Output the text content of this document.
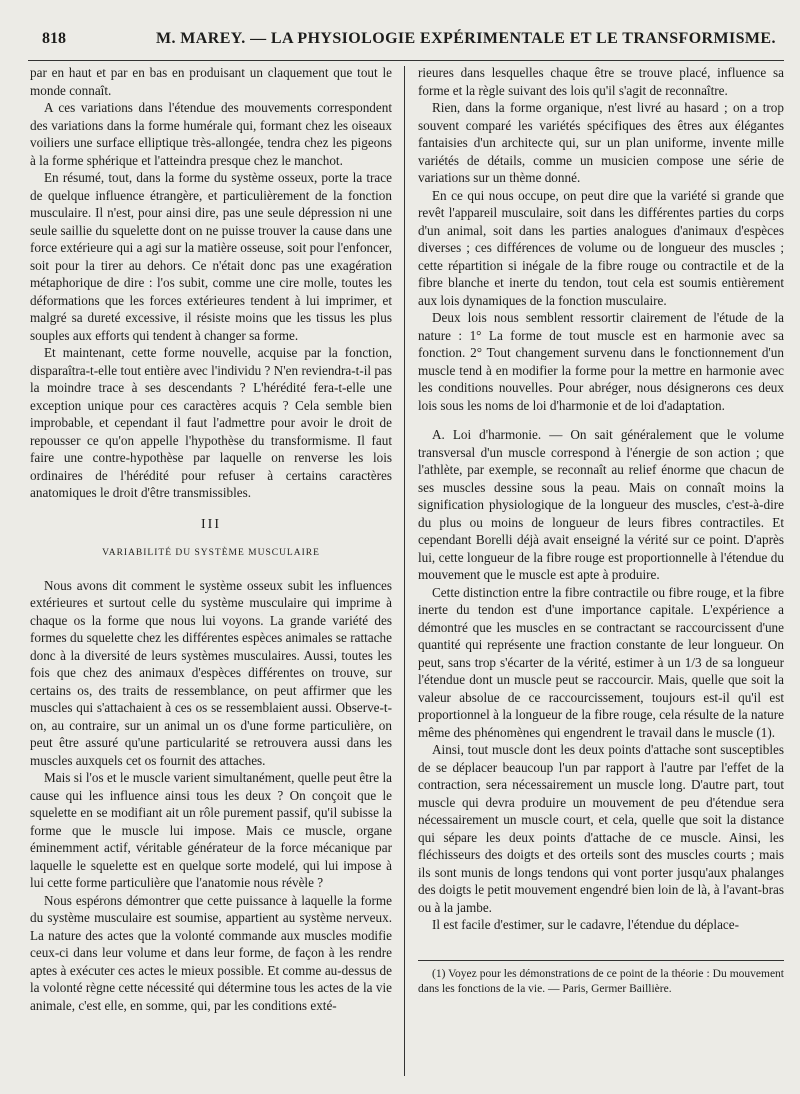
818	M. MAREY. — LA PHYSIOLOGIE EXPÉRIMENTALE ET LE TRANSFORMISME.

par en haut et par en bas en produisant un claquement que tout le monde connaît.

A ces variations dans l'étendue des mouvements correspondent des variations dans la forme humérale qui, formant chez les oiseaux voiliers une surface elliptique très-allongée, tendra chez les pigeons à la forme sphérique et l'atteindra presque chez le manchot.

En résumé, tout, dans la forme du système osseux, porte la trace de quelque influence étrangère, et particulièrement de la fonction musculaire. Il n'est, pour ainsi dire, pas une seule dépression ni une seule saillie du squelette dont on ne puisse trouver la cause dans une force extérieure qui a agi sur la matière osseuse, soit pour l'enfoncer, soit pour la tirer au dehors. Ce n'était donc pas une exagération métaphorique de dire : l'os subit, comme une cire molle, toutes les déformations que les forces extérieures tendent à lui imprimer, et malgré sa dureté excessive, il résiste moins que les tissus les plus souples aux efforts qui tendent à changer sa forme.

Et maintenant, cette forme nouvelle, acquise par la fonction, disparaîtra-t-elle tout entière avec l'individu ? N'en reviendra-t-il pas la moindre trace à ses descendants ? L'hérédité fera-t-elle une exception unique pour ces caractères acquis ? Cela semble bien improbable, et cependant il faut l'admettre pour avoir le droit de repousser ce qu'on appelle l'hypothèse du transformisme. Il faut faire une contre-hypothèse par laquelle on renverse les lois ordinaires de l'hérédité pour refuser à certains caractères anatomiques le droit d'être transmissibles.

III
VARIABILITÉ DU SYSTÈME MUSCULAIRE

Nous avons dit comment le système osseux subit les influences extérieures et surtout celle du système musculaire qui imprime à chaque os la forme que nous lui voyons. La grande variété des formes du squelette chez les différentes espèces animales se rattache donc à la diversité de leurs systèmes musculaires. Aussi, toutes les fois que chez des animaux d'espèces différentes on trouve, sur certains os, des traits de ressemblance, on peut affirmer que les muscles qui s'attachaient à ces os se ressemblaient aussi. Observe-t-on, au contraire, sur un animal un os d'une forme particulière, on peut être assuré qu'une particularité se retrouvera aussi dans les muscles auxquels cet os fournit des attaches.

Mais si l'os et le muscle varient simultanément, quelle peut être la cause qui les influence ainsi tous les deux ? On conçoit que le squelette en se modifiant ait un rôle purement passif, qu'il subisse la forme que le muscle lui impose. Mais ce muscle, organe éminemment actif, véritable générateur de la force mécanique par laquelle le squelette est en quelque sorte modelé, qui lui impose à lui cette forme particulière que l'anatomie nous révèle ?

Nous espérons démontrer que cette puissance à laquelle la forme du système musculaire est soumise, appartient au système nerveux. La nature des actes que la volonté commande aux muscles modifie ceux-ci dans leur volume et dans leur forme, de façon à les rendre aptes à exécuter ces actes le mieux possible. Et comme au-dessus de la volonté règne cette nécessité qui détermine tous les actes de la vie animale, c'est elle, en somme, qui, par les conditions exté-

rieures dans lesquelles chaque être se trouve placé, influence sa forme et la règle suivant des lois qu'il s'agit de reconnaître.

Rien, dans la forme organique, n'est livré au hasard ; on a trop souvent comparé les variétés spécifiques des êtres aux élégantes fantaisies d'un architecte qui, sur un plan uniforme, invente mille variétés de détails, comme un musicien compose une série de variations sur un thème donné.

En ce qui nous occupe, on peut dire que la variété si grande que revêt l'appareil musculaire, soit dans les différentes parties du corps d'un animal, soit dans les parties analogues d'animaux d'espèces diverses ; ces différences de volume ou de longueur des muscles ; cette répartition si inégale de la fibre rouge ou contractile et de la fibre blanche et inerte du tendon, tout cela est soumis entièrement aux lois dynamiques de la fonction musculaire.

Deux lois nous semblent ressortir clairement de l'étude de la nature : 1° La forme de tout muscle est en harmonie avec sa fonction. 2° Tout changement survenu dans le fonctionnement d'un muscle tend à en modifier la forme pour la mettre en harmonie avec les conditions nouvelles. Pour abréger, nous désignerons ces deux lois sous les noms de loi d'harmonie et de loi d'adaptation.

A. Loi d'harmonie. — On sait généralement que le volume transversal d'un muscle correspond à l'énergie de son action ; que l'athlète, par exemple, se reconnaît au relief énorme que chacun de ses muscles dessine sous la peau. Mais on connaît moins la signification physiologique de la longueur des muscles, c'est-à-dire du plus ou moins de longueur de leurs fibres contractiles. Et cependant Borelli déjà avait enseigné la vérité sur ce point. D'après lui, cette longueur de la fibre rouge est proportionnelle à l'étendue du mouvement que le muscle est apte à produire.

Cette distinction entre la fibre contractile ou fibre rouge, et la fibre inerte du tendon est d'une importance capitale. L'expérience a démontré que les muscles en se contractant se raccourcissent d'une quantité qui représente une fraction constante de leur longueur. On peut, sans trop s'écarter de la vérité, estimer à un 1/3 de sa longueur l'étendue dont un muscle peut se raccourcir. Mais, quelle que soit la valeur absolue de ce raccourcissement, toujours est-il qu'il est proportionnel à la longueur de la fibre rouge, cela résulte de la nature même des phénomènes qui engendrent le travail dans le muscle (1).

Ainsi, tout muscle dont les deux points d'attache sont susceptibles de se déplacer beaucoup l'un par rapport à l'autre par l'effet de la contraction, sera nécessairement un muscle long. D'autre part, tout muscle qui devra produire un mouvement de peu d'étendue sera nécessairement un muscle court, et cela, quelle que soit la distance qui sépare les deux points d'attache de ce muscle. Ainsi, les fléchisseurs des doigts et des orteils sont des muscles courts ; mais ils sont munis de longs tendons qui vont porter jusqu'aux phalanges des doigts le petit mouvement engendré bien loin de là, à l'avant-bras ou à la jambe.

Il est facile d'estimer, sur le cadavre, l'étendue du déplace-

(1) Voyez pour les démonstrations de ce point de la théorie : Du mouvement dans les fonctions de la vie. — Paris, Germer Baillière.
